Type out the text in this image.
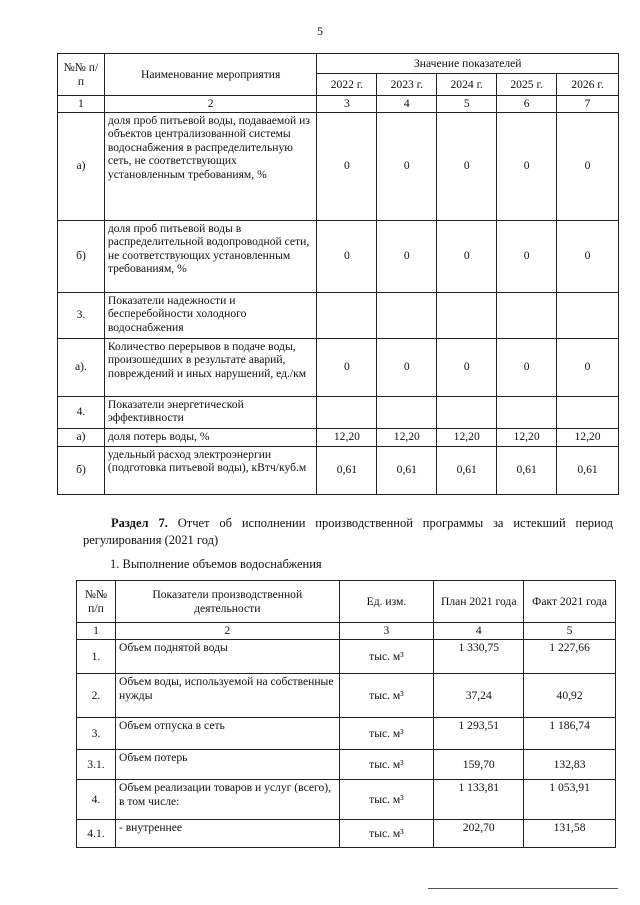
5
№№ п/п	Наименование мероприятия	Значение показателей				
		2022 г.	2023 г.	2024 г.	2025 г.	2026 г.
1	2	3	4	5	6	7
а)	доля проб питьевой воды, подаваемой из объектов централизованной системы водоснабжения в распределительную сеть, не соответствующих установленным требованиям, %	0	0	0	0	0
б)	доля проб питьевой воды в распределительной водопроводной сети, не соответствующих установленным требованиям, %	0	0	0	0	0
3.	Показатели надежности и бесперебойности холодного водоснабжения					
а).	Количество перерывов в подаче воды, произошедших в результате аварий, повреждений и иных нарушений, ед./км	0	0	0	0	0
4.	Показатели энергетической эффективности					
а)	доля потерь воды, %	12,20	12,20	12,20	12,20	12,20
б)	удельный расход электроэнергии (подготовка питьевой воды), кВтч/куб.м	0,61	0,61	0,61	0,61	0,61
Раздел 7. Отчет об исполнении производственной программы за истекший период регулирования (2021 год)
1. Выполнение объемов водоснабжения
№№ п/п	Показатели производственной деятельности	Ед. изм.	План 2021 года	Факт 2021 года
1	2	3	4	5
1.	Объем поднятой воды	тыс. м³	1 330,75	1 227,66
2.	Объем воды, используемой на собственные нужды	тыс. м³	37,24	40,92
3.	Объем отпуска в сеть	тыс. м³	1 293,51	1 186,74
3.1.	Объем потерь	тыс. м³	159,70	132,83
4.	Объем реализации товаров и услуг (всего), в том числе:	тыс. м³	1 133,81	1 053,91
4.1.	- внутреннее	тыс. м³	202,70	131,58
